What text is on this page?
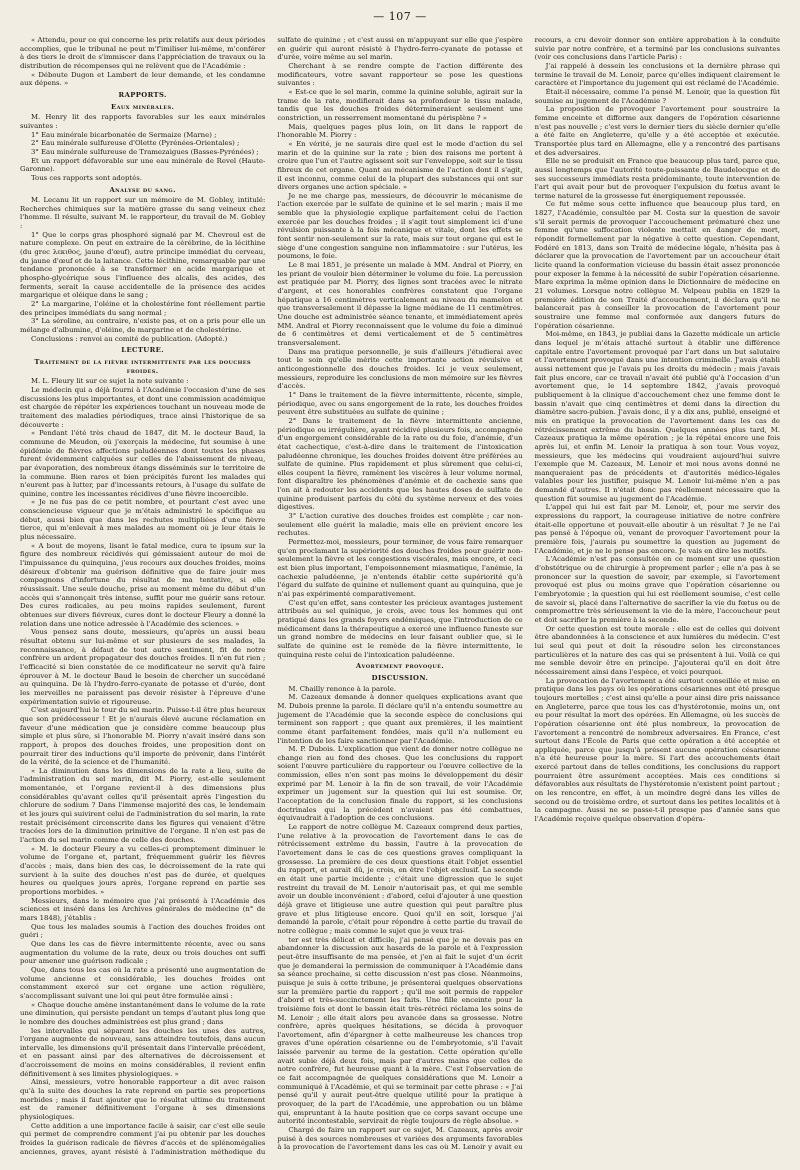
— 107 —

« Attendu, pour ce qui concerne les prix relatifs aux deux périodes accomplies, que le tribunal ne peut m'f'imiliser lui-même, m'conférer à des tiers le droit de s'immiscer dans l'appréciation de travaux ou la distribution de récompenses qui ne relèvent que de l'Académie :

« Déboute Dugon et Lambert de leur demande, et les condamne aux dépens. »

RAPPORTS.
Eaux minérales.

M. Henry lit des rapports favorables sur les eaux minérales suivantes :

1° Eau minérale bicarbonatée de Sermaize (Marne) ;

2° Eau minérale sulfureuse d'Olette (Pyrénées-Orientales) ;

3° Eau minérale sulfureuse de Tramezaigues (Basses-Pyrénées) ;

Et un rapport défavorable sur une eau minérale de Revel (Haute-Garonne).

Tous ces rapports sont adoptés.

Analyse du sang.

M. Lecanu lit un rapport sur un mémoire de M. Gobley, intitulé: Recherches chimiques sur la matière grasse du sang veineux chez l'homme. Il résulte, suivant M. le rapporteur, du travail de M. Gobley :

1° Que le corps gras phosphoré signalé par M. Chevreul est de nature complexe. On peut en extraire de la cérébrine, de la lécithine (du grec λεκιθος, jaune d'œuf), autre principe immédiat du cerveau, du jaune d'œuf et de la laitance. Cette lécithine, remarquable par une tendance prononcée à se transformer en acide margarique et phospho-glycérique sous l'influence des alcalis, des acides, des ferments, serait la cause accidentelle de la présence des acides margarique et oléique dans le sang ;

2° La margarine, l'oléine et la cholestérine font réellement partie des principes immédiats du sang normal ;

3° La séroline, au contraire, n'existe pas, et on a pris pour elle un mélange d'albumine, d'oléine, de margarine et de cholestérine.

Conclusions : renvoi au comité de publication. (Adopté.)

LECTURE.
Traitement de la fièvre intermittente par les douches froides.

M. L. Fleury lit sur ce sujet la note suivante :

Le médecin qui a déjà fourni à l'Académie l'occasion d'une de ses discussions les plus importantes, et dont une commission académique est chargée de répéter les expériences touchant un nouveau mode de traitement des maladies périodiques, trace ainsi l'historique de sa découverte :

« Pendant l'été très chaud de 1847, dit M. le docteur Baud, la commune de Meudon, où j'exerçais la médecine, fut soumise à une épidémie de fièvres affections paludéennes dont toutes les phases furent évidemment calquées sur celles de l'abaissement de niveau, par évaporation, des nombreux étangs disséminés sur le territoire de la commune. Bien rares et bien précipités furent les malades qui n'eurent pas à lutter, par d'incessants retours, à l'usage du sulfate de quinine, contre les incessantes récidives d'une fièvre incoercible.

« Je ne fus pas de ce petit nombre, et pourtant c'est avec une consciencieuse vigueur que je m'étais administré le spécifique au début, aussi bien que dans les rechutes multipliées d'une fièvre tierce, qui m'enlevait à mes malades au moment où je leur étais le plus nécessaire.

« A bout de moyens, lisant le fatal medice, cura te ipsum sur la figure des nombreux récidivés qui gémissaient autour de moi de l'impuissance du quinquina, j'eus recours aux douches froides, moins désireux d'obtenir ma guérison définitive que de faire jouir mes compagnons d'infortune du résultat de ma tentative, si elle réussissait. Une seule douche, prise au moment même du début d'un accès qui s'annonçait très intense, suffit pour me guérir sans retour. Des cures radicales, au peu moins rapides seulement, furent obtenues sur divers fiévreux, cures dont le docteur Fleury a donné la relation dans une notice adressée à l'Académie des sciences. »

Vous pensez sans doute, messieurs, qu'après un aussi beau résultat obtenu sur lui-même et sur plusieurs de ses malades, la reconnaissance, à défaut de tout autre sentiment, fit de notre confrère un ardent propagateur des douches froides. Il n'en fut rien ; l'efficacité si bien constatée de ce modificateur ne servit qu'à faire éprouver à M. le docteur Baud le besoin de chercher un succédané au quinquina. De là l'hydro-ferro-cyanate de potasse et d'urée, dont les merveilles ne paraissent pas devoir résister à l'épreuve d'une expérimentation suivie et rigoureuse.

C'est aujourd'hui le tour du sel marin. Puisse-t-il être plus heureux que son prédécesseur ! Et je n'aurais élevé aucune réclamation en faveur d'une médication que je considère comme beaucoup plus simple et plus sûre, si l'honorable M. Piorry n'avait inséré dans son rapport, à propos des douches froides, une proposition dont on pourrait tirer des inductions qu'il importe de prévenir, dans l'intérêt de la vérité, de la science et de l'humanité.

« La diminution dans les dimensions de la rate a lieu, suite de l'administration du sel marin, dit M. Piorry, est-elle seulement momentanée, et l'organe revient-il à des dimensions plus considérables qu'avant celles qu'il présentait après l'ingestion du chlorure de sodium ? Dans l'immense majorité des cas, le lendemain et les jours qui suivirent celui de l'administration du sel marin, la rate restait précisément circonscrite dans les figures qui venaient d'être tracées lors de la diminution primitive de l'organe. Il n'en est pas de l'action du sel marin comme de celle des douches.

« M. le docteur Fleury a vu celles-ci promptement diminuer le volume de l'organe et, partant, fréquemment guérir les fièvres d'accès ; mais, dans bien des cas, le décroissement de la rate qui survient à la suite des douches n'est pas de durée, et quelques heures ou quelques jours après, l'organe reprend en partie ses proportions morbides. »

Messieurs, dans le mémoire que j'ai présenté à l'Académie des sciences et inséré dans les Archives générales de médecine (n° de mars 1848), j'établis :

Que tous les malades soumis à l'action des douches froides ont guéri ;

Que dans les cas de fièvre intermittente récente, avec ou sans augmentation du volume de la rate, deux ou trois douches ont suffi pour amener une guérison radicale ;

Que, dans tous les cas où la rate a présenté une augmentation de volume ancienne et considérable, les douches froides ont constamment exercé sur cet organe une action régulière, s'accomplissant suivant une loi qui peut être formulée ainsi :

« Chaque douche amène instantanément dans le volume de la rate une diminution, qui persiste pendant un temps d'autant plus long que le nombre des douches administrées est plus grand ; dans

les intervalles qui séparent les douches les unes des autres, l'organe augmente de nouveau, sans atteindre toutefois, dans aucun intervalle, les dimensions qu'il présentait dans l'intervalle précédent, et en passant ainsi par des alternatives de décroissement et d'accroissement de moins en moins considérables, il revient enfin définitivement à ses limites physiologiques. »

Ainsi, messieurs, votre honorable rapporteur a dit avec raison qu'à la suite des douches la rate reprend en partie ses proportions morbides ; mais il faut ajouter que le résultat ultime du traitement est de ramener définitivement l'organe à ses dimensions physiologiques.

Cette addition a une importance facile à saisir, car c'est elle seule qui permet de comprendre comment j'ai pu obtenir par les douches froides la guérison radicale de fièvres d'accès et de splénomégalies anciennes, graves, ayant résisté à l'administration méthodique du sulfate de quinine ; et c'est aussi en m'appuyant sur elle que j'espère en guérir qui auront résisté à l'hydro-ferro-cyanate de potasse et d'urée, voire même au sel marin.

Cherchant à se rendre compte de l'action différente des modificateurs, votre savant rapporteur se pose les questions suivantes :

« Est-ce que le sel marin, comme la quinine soluble, agirait sur la trame de la rate, modifierait dans sa profondeur le tissu malade, tandis que les douches froides détermineraient seulement une constriction, un resserrement momentané du périsplène ? »

Mais, quelques pages plus loin, on lit dans le rapport de l'honorable M. Piorry :

« En vérité, je ne saurais dire quel est le mode d'action du sel marin et de la quinine sur la rate ; bien des raisons me portent à croire que l'un et l'autre agissent soit sur l'enveloppe, soit sur le tissu fibreux de cet organe. Quant au mécanisme de l'action dont il s'agit, il est inconnu, comme celui de la plupart des substances qui ont sur divers organes une action spéciale. »

Je ne me charge pas, messieurs, de découvrir le mécanisme de l'action exercée par le sulfate de quinine et le sel marin ; mais il me semble que la physiologie explique parfaitement celui de l'action exercée par les douches froides ; il s'agit tout simplement ici d'une révulsion puissante à la fois mécanique et vitale, dont les effets se font sentir non-seulement sur la rate, mais sur tout organe qui est le siège d'une congestion sanguine non inflammatoire : sur l'utérus, les poumons, le foie.

Le 8 mai 1851, je présente un malade à MM. Andral et Piorry, en les priant de vouloir bien déterminer le volume du foie. La percussion est pratiquée par M. Piorry, des lignes sont tracées avec le nitrate d'argent, et ces honorables confrères constatent que l'organe hépatique a 16 centimètres verticalement au niveau du mamelon et que transversalement il dépasse la ligne médiane de 11 centimètres. Une douche est administrée séance tenante, et immédiatement après MM. Andral et Piorry reconnaissent que le volume du foie a diminué de 6 centimètres et demi verticalement et de 5 centimètres transversalement.

Dans ma pratique personnelle, je suis d'ailleurs j'étudierai avec tout le soin qu'elle mérite cette importante action révulsive et anticongestionnelle des douches froides. Ici je veux seulement, messieurs, reproduire les conclusions de mon mémoire sur les fièvres d'accès.

1° Dans le traitement de la fièvre intermittente, récente, simple, périodique, avec ou sans engorgement de la rate, les douches froides peuvent être substituées au sulfate de quinine ;

2° Dans le traitement de la fièvre intermittente ancienne, périodique ou irrégulière, ayant récidivé plusieurs fois, accompagnée d'un engorgement considérable de la rate ou du foie, d'anémie, d'un état cachectique, c'est-à-dire dans le traitement de l'intoxication paludéenne chronique, les douches froides doivent être préférées au sulfate de quinine. Plus rapidement et plus sûrement que celui-ci, elles coupent la fièvre, ramènent les viscères à leur volume normal, font disparaître les phénomènes d'anémie et de cachexie sans que l'on ait à redouter les accidents que les hautes doses de sulfate de quinine produisent parfois du côté du système nerveux et des voies digestives.

3° L'action curative des douches froides est complète ; car non-seulement elle guérit la maladie, mais elle en prévient encore les rechutes.

Permettez-moi, messieurs, pour terminer, de vous faire remarquer qu'en proclamant la supériorité des douches froides pour guérir non-seulement la fièvre et les congestions viscérales, mais encore, et ceci est bien plus important, l'empoisonnement miasmatique, l'anémie, la cachexie paludéenne, je n'entends établir cette supériorité qu'à l'égard du sulfate de quinine et nullement quant au quinquina, que je n'ai pas expérimenté comparativement.

C'est qu'en effet, sans contester les précieux avantages justement attribués au sel quinique, je crois, avec tous les hommes qui ont pratiqué dans les grands foyers endémiques, que l'introduction de ce médicament dans la thérapeutique a exercé une influence funeste sur un grand nombre de médecins en leur faisant oublier que, si le sulfate de quinine est le remède de la fièvre intermittente, le quinquina reste celui de l'intoxication paludéenne.

Avortement provoqué.
DISCUSSION.

M. Chailly renonce à la parole.

M. Cazeaux demande à donner quelques explications avant que M. Dubois prenne la parole. Il déclare qu'il n'a entendu soumettre au jugement de l'Académie que la seconde espèce de conclusions qui terminent son rapport ; que quant aux premières, il les maintient comme étant parfaitement fondées, mais qu'il n'a nullement eu l'intention de les faire sanctionner par l'Académie.

M. P. Dubois. L'explication que vient de donner notre collègue ne change rien au fond des choses. Que les conclusions du rapport soient l'œuvre particulière du rapporteur ou l'œuvre collective de la commission, elles n'en sont pas moins le développement du désir exprimé par M. Lenoir à la fin de son travail, de voir l'Académie exprimer un jugement sur la question qui lui est soumise. Or, l'acceptation de la conclusion finale du rapport, si les conclusions doctrinales qui la précèdent n'avaient pas été combattues, équivaudrait à l'adoption de ces conclusions.

Le rapport de notre collègue M. Cazeaux comprend deux parties, l'une relative à la provocation de l'avortement dans le cas de rétrécissement extrême du bassin, l'autre à la provocation de l'avortement dans le cas de ces questions graves compliquant la grossesse. La première de ces deux questions était l'objet essentiel du rapport, et aurait dû, je crois, en être l'objet exclusif. La seconde en était une partie incidente ; c'était une digression que le sujet restreint du travail de M. Lenoir n'autorisait pas, et qui me semble avoir un double inconvénient : d'abord, celui d'ajouter à une question déjà grave et litigieuse une autre question qui peut paraître plus grave et plus litigieuse encore. Quoi qu'il en soit, lorsque j'ai demandé la parole, c'était pour répondre à cette partie du travail de notre collègue ; mais comme le sujet que je veux trai-

ter est très délicat et difficile, j'ai pensé que je ne devais pas en abandonner la discussion aux hasards de la parole et à l'expression peut-être insuffisante de ma pensée, et j'en ai fait le sujet d'un écrit que je demanderai la permission de communiquer à l'Académie dans sa séance prochaine, si cette discussion n'est pas close. Néanmoins, puisque je suis à cette tribune, je présenterai quelques observations sur la première partie du rapport ; qu'il me soit permis de rappeler d'abord et très-succinctement les faits. Une fille enceinte pour la troisième fois et dont le bassin était très-rétréci réclama les soins de M. Lenoir ; elle était alors peu avancée dans sa grossesse. Notre confrère, après quelques hésitations, se décida à provoquer l'avortement, afin d'épargner à cette malheureuse les chances trop graves d'une opération césarienne ou de l'embryotomie, s'il l'avait laissée parvenir au terme de la gestation. Cette opération qu'elle avait subie déjà deux fois, mais par d'autres mains que celles de notre confrère, fut heureuse quant à la mère. C'est l'observation de ce fait accompagnée de quelques considérations que M. Lenoir a communiqué à l'Académie, et qui se terminait par cette phrase : « J'ai pensé qu'il y aurait peut-être quelque utilité pour la pratique à provoquer, de la part de l'Académie, une approbation ou un blâme qui, empruntant à la haute position que ce corps savant occupe une autorité incontestable, servirait de règle toujours de règle absolue. »

Chargé de faire un rapport sur ce sujet, M. Cazeaux, après avoir puisé à des sources nombreuses et variées des arguments favorables à la provocation de l'avortement dans les cas où M. Lenoir y avait eu recours, a cru devoir donner son entière approbation à la conduite suivie par notre confrère, et a terminé par les conclusions suivantes (voir ces conclusions dans l'article Paris) :

J'ai rappelé à dessein les conclusions et la dernière phrase qui termine le travail de M. Lenoir, parce qu'elles indiquent clairement le caractère et l'importance du jugement qui est réclamé de l'Académie.

Était-il nécessaire, comme l'a pensé M. Lenoir, que la question fût soumise au jugement de l'Académie ?

La proposition de provoquer l'avortement pour soustraire la femme enceinte et difforme aux dangers de l'opération césarienne n'est pas nouvelle ; c'est vers le dernier tiers du siècle dernier qu'elle a été faite en Angleterre, qu'elle y a été acceptée et exécutée. Transportée plus tard en Allemagne, elle y a rencontré des partisans et des adversaires.

Elle ne se produisit en France que beaucoup plus tard, parce que, aussi longtemps que l'autorité toute-puissante de Baudelocque et de ses successeurs immédiats resta prédominante, toute intervention de l'art qui avait pour but de provoquer l'expulsion du fœtus avant le terme naturel de la grossesse fut énergiquement repoussée.

Ce fut même sous cette influence que beaucoup plus tard, en 1827, l'Académie, consultée par M. Costa sur la question de savoir s'il serait permis de provoquer l'accouchement prématuré chez une femme qu'une suffocation violente mettait en danger de mort, répondit formellement par la négative à cette question. Cependant, Fodéré en 1813, dans son Traité de médecine légale, n'hésita pas à déclarer que la provocation de l'avortement par un accoucheur était licite quand la conformation vicieuse du bassin était assez prononcée pour exposer la femme à la nécessité de subir l'opération césarienne. Mare exprima la même opinion dans le Dictionnaire de médecine en 21 volumes. Lorsque notre collègue M. Velpeau publia en 1829 la première édition de son Traité d'accouchement, il déclara qu'il ne balancerait pas à conseiller la provocation de l'avortement pour soustraire une femme mal conformée aux dangers futurs de l'opération césarienne.

Moi-même, en 1843, je publiai dans la Gazette médicale un article dans lequel je m'étais attaché surtout à établir une différence capitale entre l'avortement provoqué par l'art dans un but salutaire et l'avortement provoqué dans une intention criminelle. J'avais établi aussi nettement que je l'avais pu les droits du médecin ; mais j'avais fait plus encore, car ce travail n'avait été publié qu'à l'occasion d'un avortement que, le 14 septembre 1842, j'avais provoqué publiquement à la clinique d'accouchement chez une femme dont le bassin n'avait que cinq centimètres et demi dans la direction du diamètre sacro-pubien. J'avais donc, il y a dix ans, publié, enseigné et mis en pratique la provocation de l'avortement dans les cas de rétrécissement extrême du bassin. Quelques années plus tard, M. Cazeaux pratiqua la même opération ; je la répétai encore une fois après lui, et enfin M. Lenoir la pratiqua à son tour. Vous voyez, messieurs, que les médecins qui voudraient aujourd'hui suivre l'exemple que M. Cazeaux, M. Lenoir et moi nous avons donné ne manqueraient pas de précédents et d'autorités médico-légales valables pour les justifier, puisque M. Lenoir lui-même n'en a pas demandé d'autres. Il n'était donc pas réellement nécessaire que la question fût soumise au jugement de l'Académie.

L'appel qui lui est fait par M. Lenoir, et, pour me servir des expressions du rapport, la courageuse initiative de notre confrère était-elle opportune et pouvait-elle aboutir à un résultat ? Je ne l'ai pas pensé à l'époque où, venant de provoquer l'avortement pour la première fois, j'aurais pu soumettre la question au jugement de l'Académie, et je ne le pense pas encore. Je vais en dire les motifs.

L'Académie n'est pas consultée en ce moment sur une question d'obstétrique ou de chirurgie à proprement parler ; elle n'a pas à se prononcer sur la question de savoir, par exemple, si l'avortement provoqué est plus ou moins grave que l'opération césarienne ou l'embryotomie ; la question qui lui est réellement soumise, c'est celle de savoir si, placé dans l'alternative de sacrifier la vie du fœtus ou de compromettre très sérieusement la vie de la mère, l'accoucheur peut et doit sacrifier la première à la seconde.

Or cette question est toute morale : elle est de celles qui doivent être abandonnées à la conscience et aux lumières du médecin. C'est lui seul qui peut et doit la résoudre selon les circonstances particulières et la nature des cas qui se présentent à lui. Voilà ce qui me semble devoir être en principe. J'ajouterai qu'il en doit être nécessairement ainsi dans l'espèce, et voici pourquoi.

La provocation de l'avortement a été surtout conseillée et mise en pratique dans les pays où les opérations césariennes ont été presque toujours mortelles ; c'est ainsi qu'elle a pour ainsi dire pris naissance en Angleterre, parce que tous les cas d'hystérotomie, moins un, ont eu pour résultat la mort des opérées. En Allemagne, où les succès de l'opération césarienne ont été plus nombreux, la provocation de l'avortement a rencontré de nombreux adversaires. En France, c'est surtout dans l'École de Paris que cette opération a été acceptée et appliquée, parce que jusqu'à présent aucune opération césarienne n'a été heureuse pour la mère. Si l'art des accouchements était exercé partout dans de telles conditions, les conclusions du rapport pourraient être assurément acceptées. Mais ces conditions si défavorables aux résultats de l'hystérotomie n'existent point partout ; on les rencontre, en effet, à un moindre degré dans les villes de second ou de troisième ordre, et surtout dans les petites localités et à la campagne. Aussi ne se passe-t-il presque pas d'année sans que l'Académie reçoive quelque observation d'opéra-
